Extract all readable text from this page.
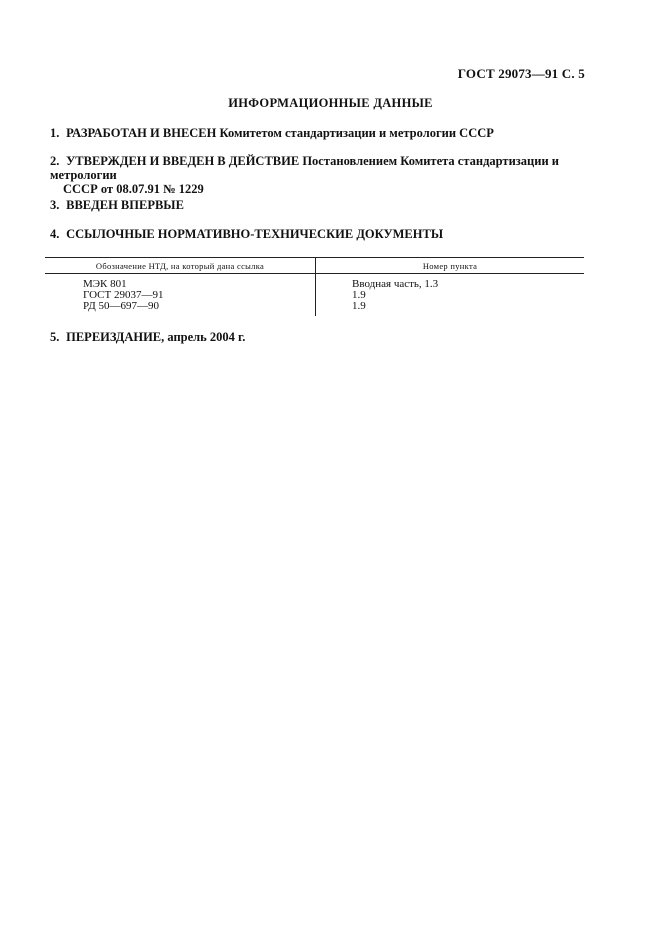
ГОСТ 29073—91 С. 5
ИНФОРМАЦИОННЫЕ ДАННЫЕ
1. РАЗРАБОТАН И ВНЕСЕН Комитетом стандартизации и метрологии СССР
2. УТВЕРЖДЕН И ВВЕДЕН В ДЕЙСТВИЕ Постановлением Комитета стандартизации и метрологии
СССР от 08.07.91 № 1229
3. ВВЕДЕН ВПЕРВЫЕ
4. ССЫЛОЧНЫЕ НОРМАТИВНО-ТЕХНИЧЕСКИЕ ДОКУМЕНТЫ
Обозначение НТД, на который дана ссылка	Номер пункта
МЭК 801
ГОСТ 29037—91
РД 50—697—90
Вводная часть, 1.3
1.9
1.9
5. ПЕРЕИЗДАНИЕ, апрель 2004 г.
